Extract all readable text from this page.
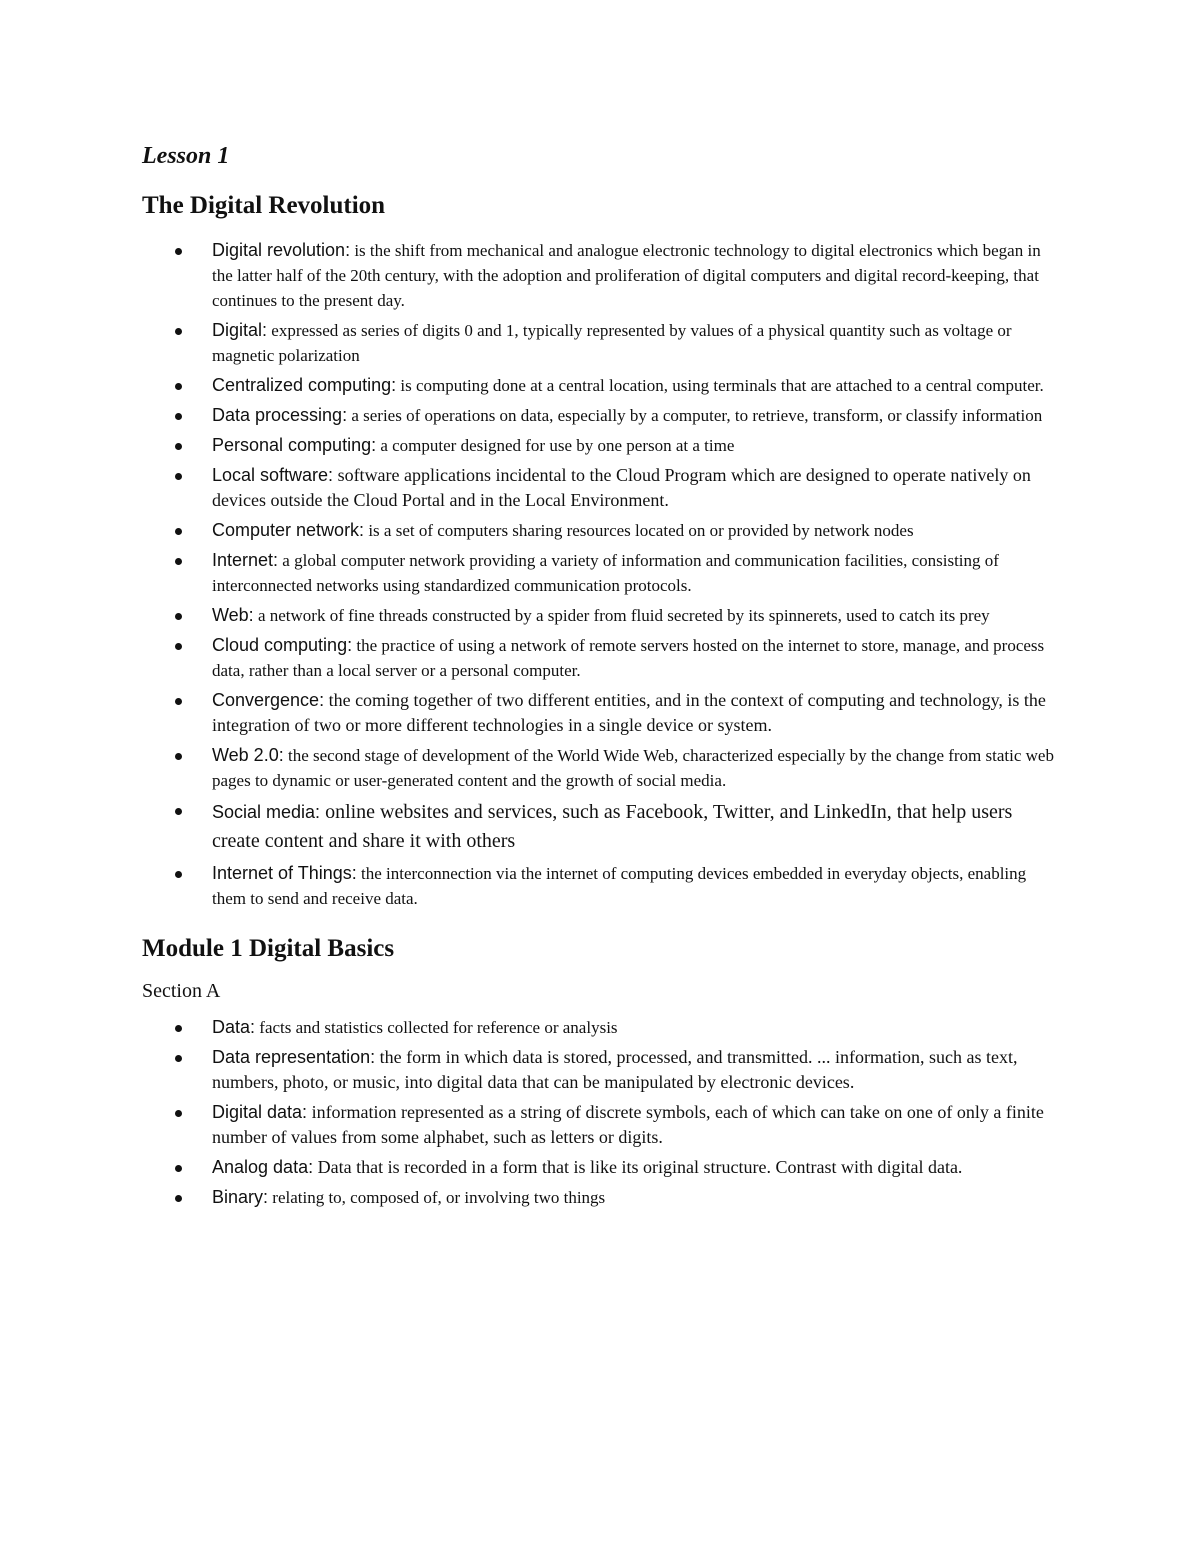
Lesson 1
The Digital Revolution
Digital revolution: is the shift from mechanical and analogue electronic technology to digital electronics which began in the latter half of the 20th century, with the adoption and proliferation of digital computers and digital record-keeping, that continues to the present day.
Digital: expressed as series of digits 0 and 1, typically represented by values of a physical quantity such as voltage or magnetic polarization
Centralized computing: is computing done at a central location, using terminals that are attached to a central computer.
Data processing: a series of operations on data, especially by a computer, to retrieve, transform, or classify information
Personal computing: a computer designed for use by one person at a time
Local software: software applications incidental to the Cloud Program which are designed to operate natively on devices outside the Cloud Portal and in the Local Environment.
Computer network: is a set of computers sharing resources located on or provided by network nodes
Internet: a global computer network providing a variety of information and communication facilities, consisting of interconnected networks using standardized communication protocols.
Web: a network of fine threads constructed by a spider from fluid secreted by its spinnerets, used to catch its prey
Cloud computing: the practice of using a network of remote servers hosted on the internet to store, manage, and process data, rather than a local server or a personal computer.
Convergence: the coming together of two different entities, and in the context of computing and technology, is the integration of two or more different technologies in a single device or system.
Web 2.0: the second stage of development of the World Wide Web, characterized especially by the change from static web pages to dynamic or user-generated content and the growth of social media.
Social media: online websites and services, such as Facebook, Twitter, and LinkedIn, that help users create content and share it with others
Internet of Things: the interconnection via the internet of computing devices embedded in everyday objects, enabling them to send and receive data.
Module 1 Digital Basics
Section A
Data: facts and statistics collected for reference or analysis
Data representation: the form in which data is stored, processed, and transmitted. ... information, such as text, numbers, photo, or music, into digital data that can be manipulated by electronic devices.
Digital data: information represented as a string of discrete symbols, each of which can take on one of only a finite number of values from some alphabet, such as letters or digits.
Analog data: Data that is recorded in a form that is like its original structure. Contrast with digital data.
Binary: relating to, composed of, or involving two things
